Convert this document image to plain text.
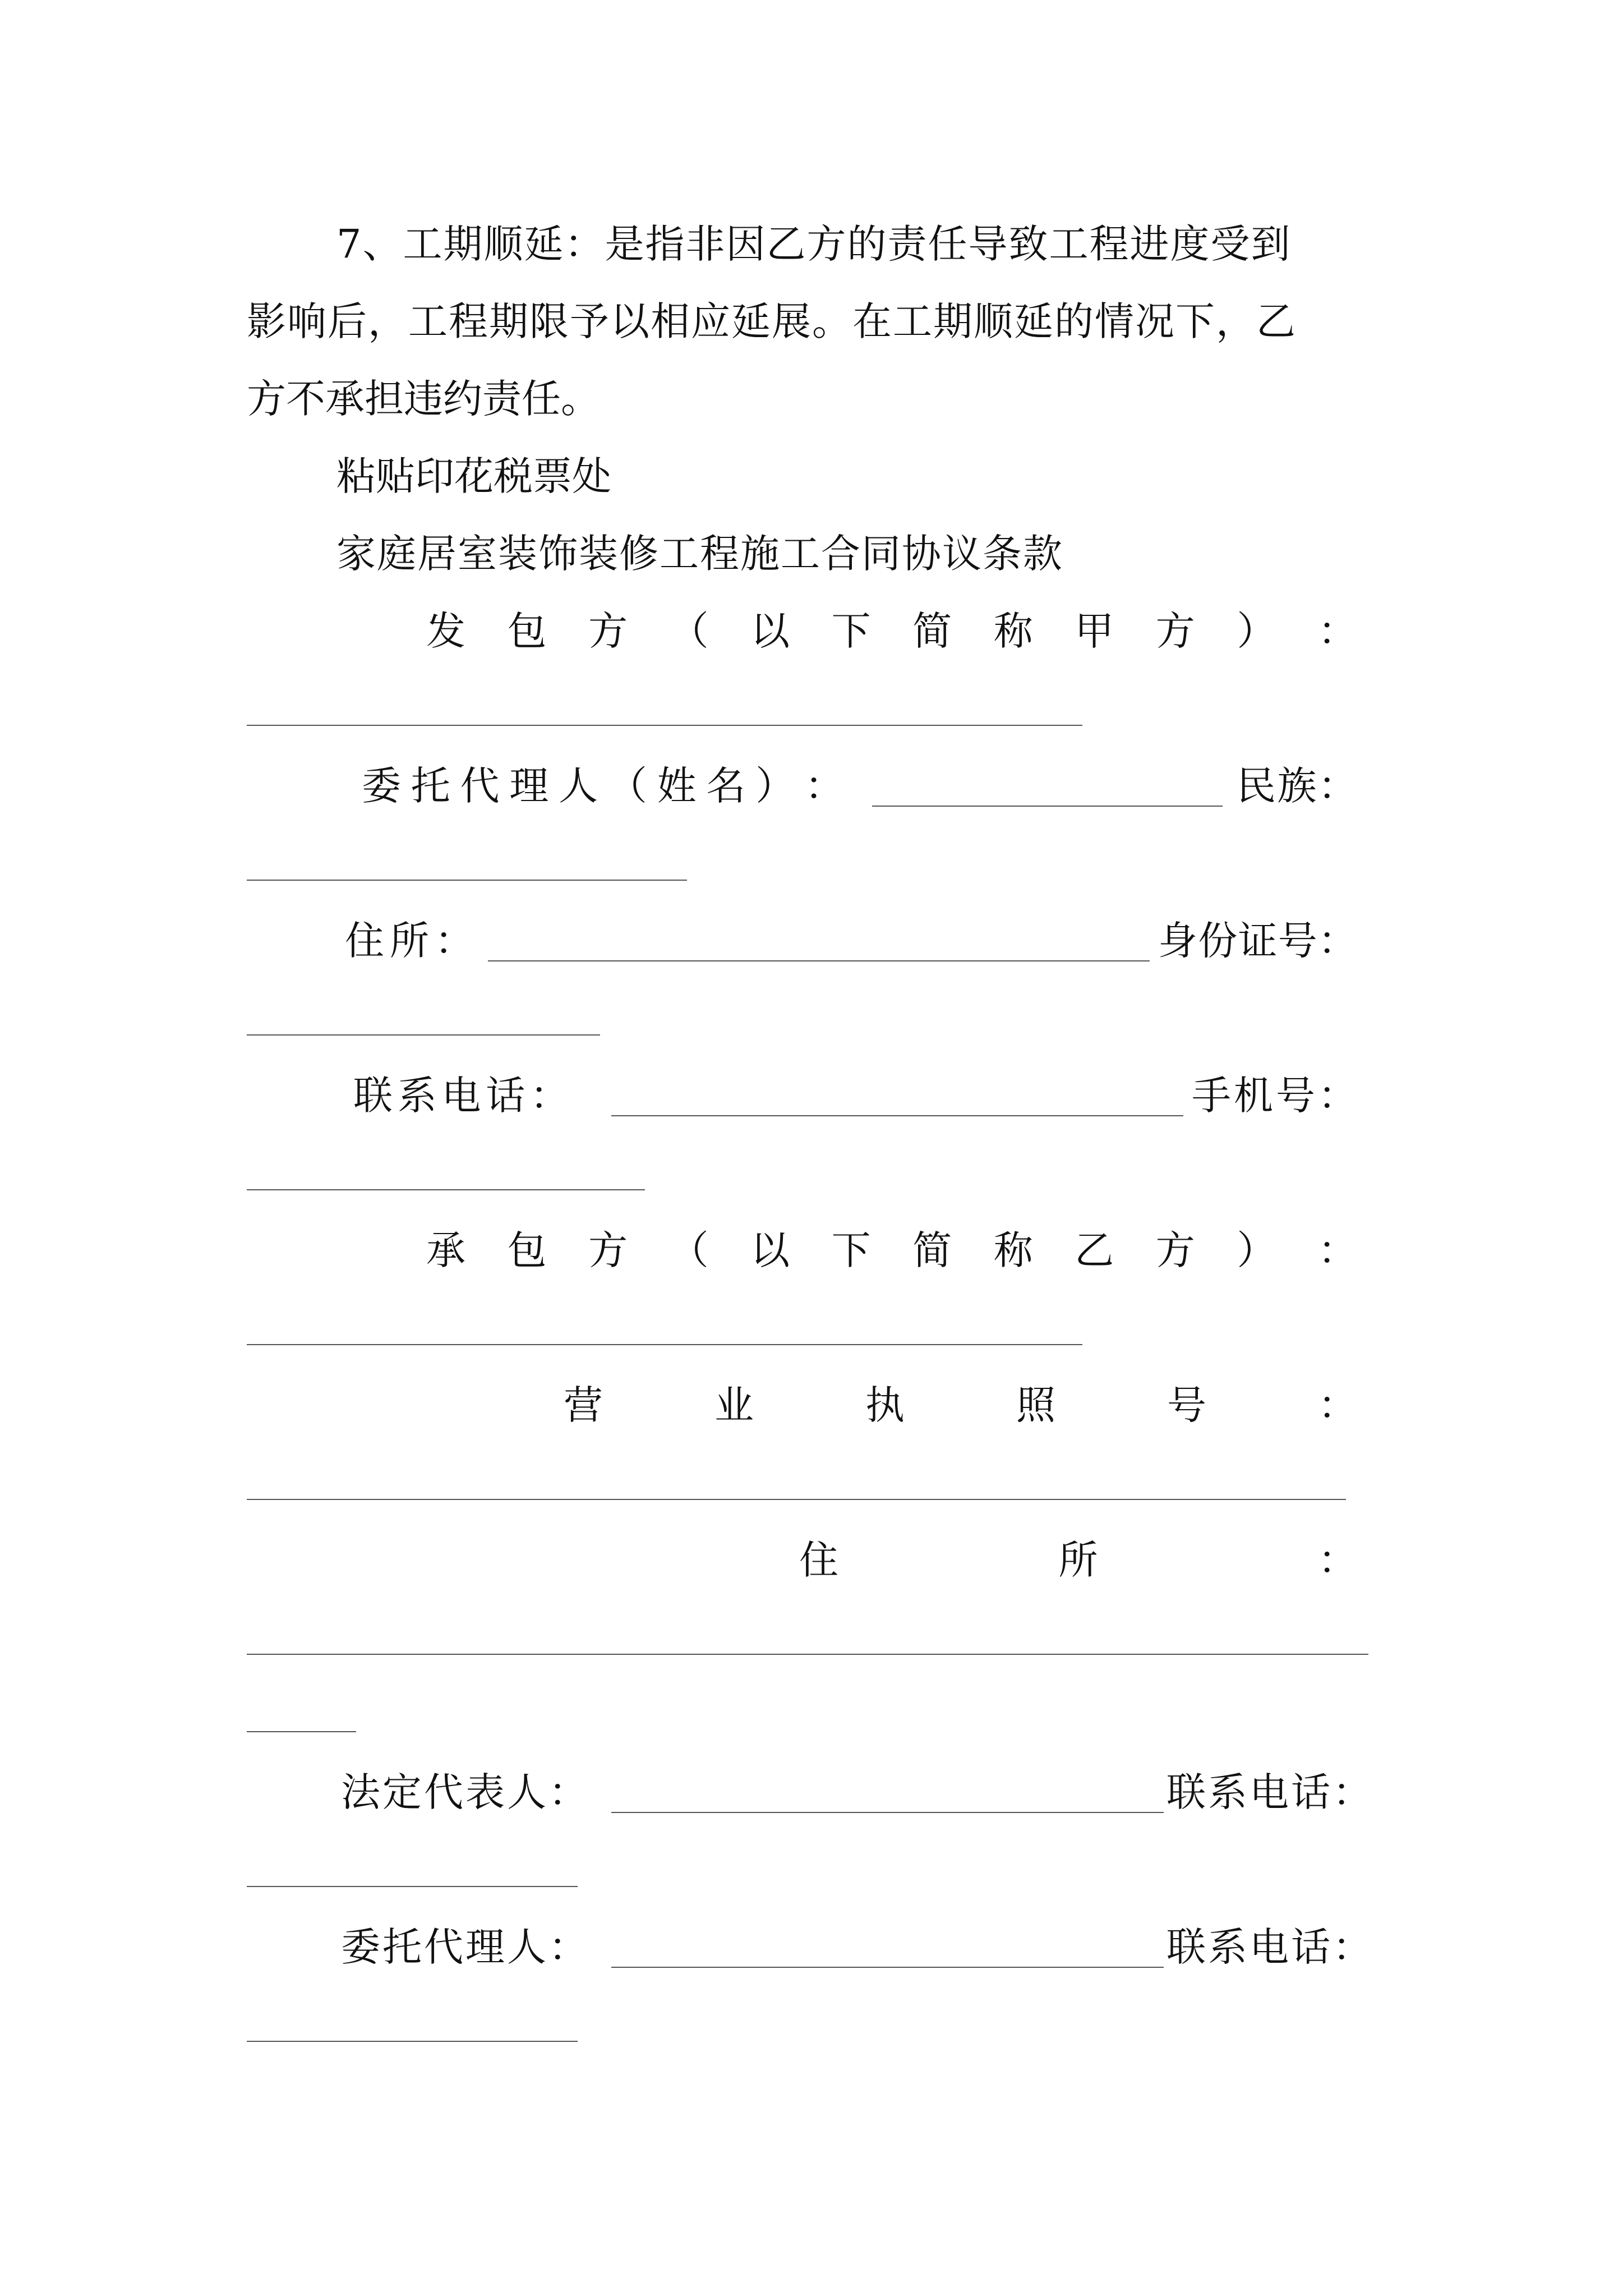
7、工期顺延：是指非因乙方的责任导致工程进度受到
影响后，工程期限予以相应延展。在工期顺延的情况下，乙
方不承担违约责任。
粘贴印花税票处
家庭居室装饰装修工程施工合同协议条款
发 包 方 （ 以 下 简 称 甲 方 ） ：
委 托 代 理 人 （ 姓 名 ） ：	民 族 ：
住 所 ：	身 份 证 号 ：
联 系 电 话 ：	手 机 号 ：
承 包 方 （ 以 下 简 称 乙 方 ） ：
营	业	执	照	号	：
住	所	：
法定代表人：	联系电话：
委托代理人：	联系电话：
